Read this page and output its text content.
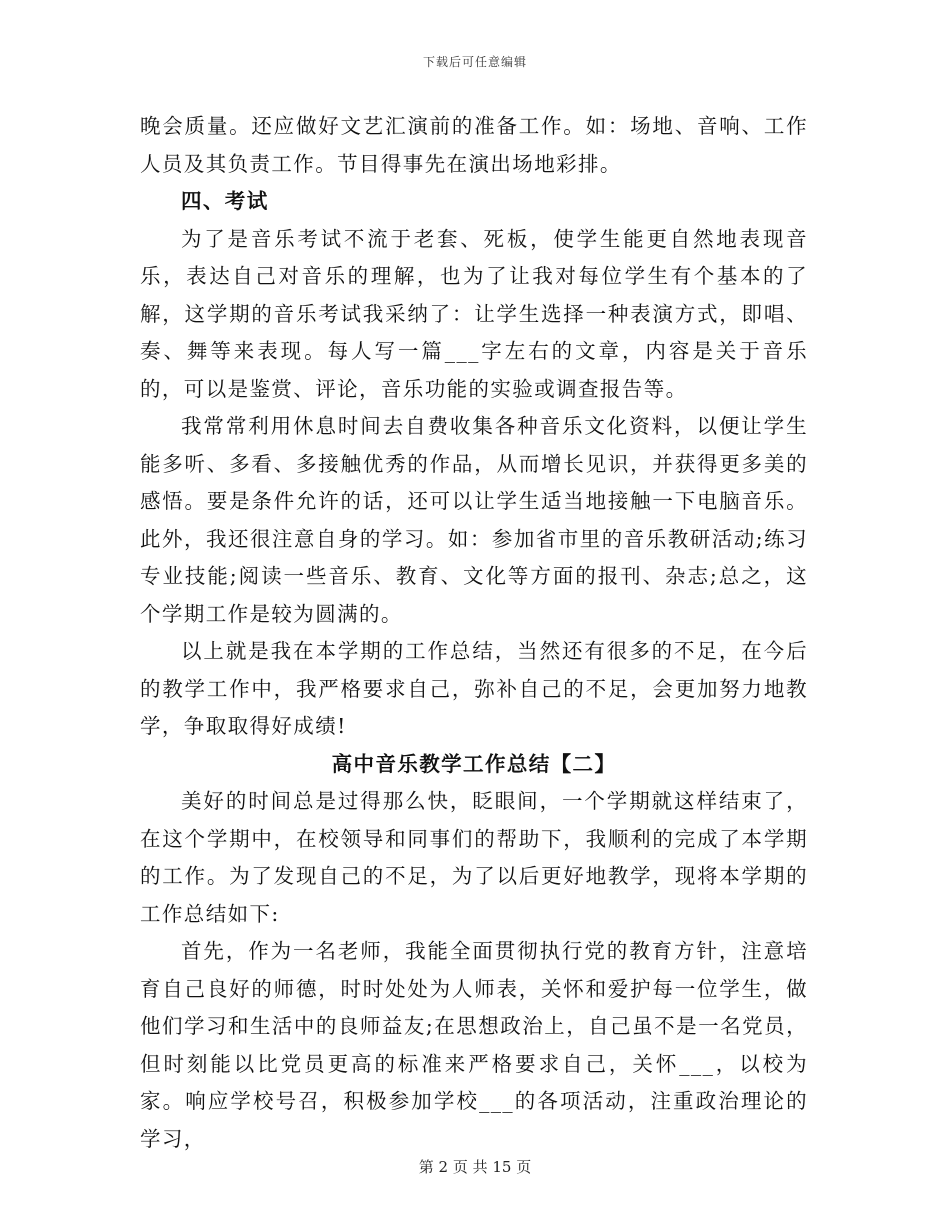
下载后可任意编辑

晚会质量。还应做好文艺汇演前的准备工作。如：场地、音响、工作人员及其负责工作。节目得事先在演出场地彩排。

四、考试

为了是音乐考试不流于老套、死板，使学生能更自然地表现音乐，表达自己对音乐的理解，也为了让我对每位学生有个基本的了解，这学期的音乐考试我采纳了：让学生选择一种表演方式，即唱、奏、舞等来表现。每人写一篇___字左右的文章，内容是关于音乐的，可以是鉴赏、评论，音乐功能的实验或调查报告等。

我常常利用休息时间去自费收集各种音乐文化资料，以便让学生能多听、多看、多接触优秀的作品，从而增长见识，并获得更多美的感悟。要是条件允许的话，还可以让学生适当地接触一下电脑音乐。此外，我还很注意自身的学习。如：参加省市里的音乐教研活动;练习专业技能;阅读一些音乐、教育、文化等方面的报刊、杂志;总之，这个学期工作是较为圆满的。

以上就是我在本学期的工作总结，当然还有很多的不足，在今后的教学工作中，我严格要求自己，弥补自己的不足，会更加努力地教学，争取取得好成绩!

高中音乐教学工作总结【二】

美好的时间总是过得那么快，眨眼间，一个学期就这样结束了，在这个学期中，在校领导和同事们的帮助下，我顺利的完成了本学期的工作。为了发现自己的不足，为了以后更好地教学，现将本学期的工作总结如下:

首先，作为一名老师，我能全面贯彻执行党的教育方针，注意培育自己良好的师德，时时处处为人师表，关怀和爱护每一位学生，做他们学习和生活中的良师益友;在思想政治上，自己虽不是一名党员，但时刻能以比党员更高的标准来严格要求自己，关怀___，以校为家。响应学校号召，积极参加学校___的各项活动，注重政治理论的学习，

第 2 页 共 15 页
